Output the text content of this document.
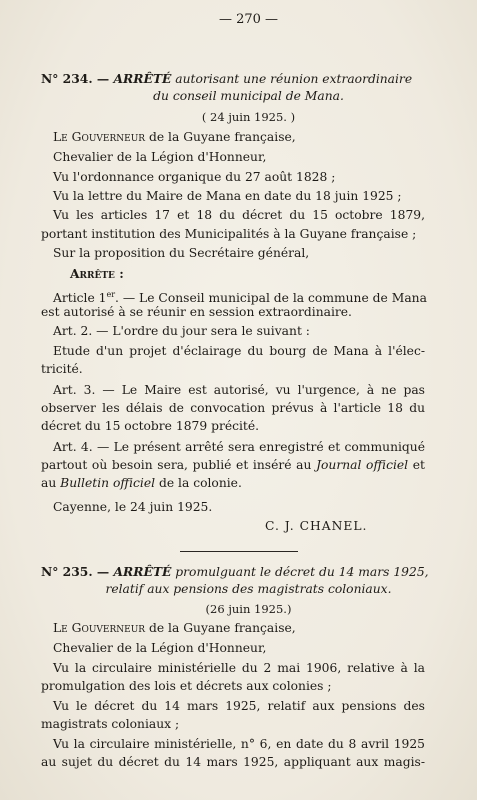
— 270 —
N° 234. — ARRÊTÉ autorisant une réunion extraordinaire
du conseil municipal de Mana.
( 24 juin 1925. )
Le Gouverneur de la Guyane française,
Chevalier de la Légion d'Honneur,
Vu l'ordonnance organique du 27 août 1828 ;
Vu la lettre du Maire de Mana en date du 18 juin 1925 ;
Vu les articles 17 et 18 du décret du 15 octobre 1879,
portant institution des Municipalités à la Guyane française ;
Sur la proposition du Secrétaire général,
Arrête :
Article 1er. — Le Conseil municipal de la commune de Mana
est autorisé à se réunir en session extraordinaire.
Art. 2. — L'ordre du jour sera le suivant :
Etude d'un projet d'éclairage du bourg de Mana à l'élec-
tricité.
Art. 3. — Le Maire est autorisé, vu l'urgence, à ne pas
observer les délais de convocation prévus à l'article 18 du
décret du 15 octobre 1879 précité.
Art. 4. — Le présent arrêté sera enregistré et communiqué
partout où besoin sera, publié et inséré au Journal officiel et
au Bulletin officiel de la colonie.
Cayenne, le 24 juin 1925.
C. J. CHANEL.
N° 235. — ARRÊTÉ promulguant le décret du 14 mars 1925,
relatif aux pensions des magistrats coloniaux.
(26 juin 1925.)
Le Gouverneur de la Guyane française,
Chevalier de la Légion d'Honneur,
Vu la circulaire ministérielle du 2 mai 1906, relative à la
promulgation des lois et décrets aux colonies ;
Vu le décret du 14 mars 1925, relatif aux pensions des
magistrats coloniaux ;
Vu la circulaire ministérielle, n° 6, en date du 8 avril 1925
au sujet du décret du 14 mars 1925, appliquant aux magis-
